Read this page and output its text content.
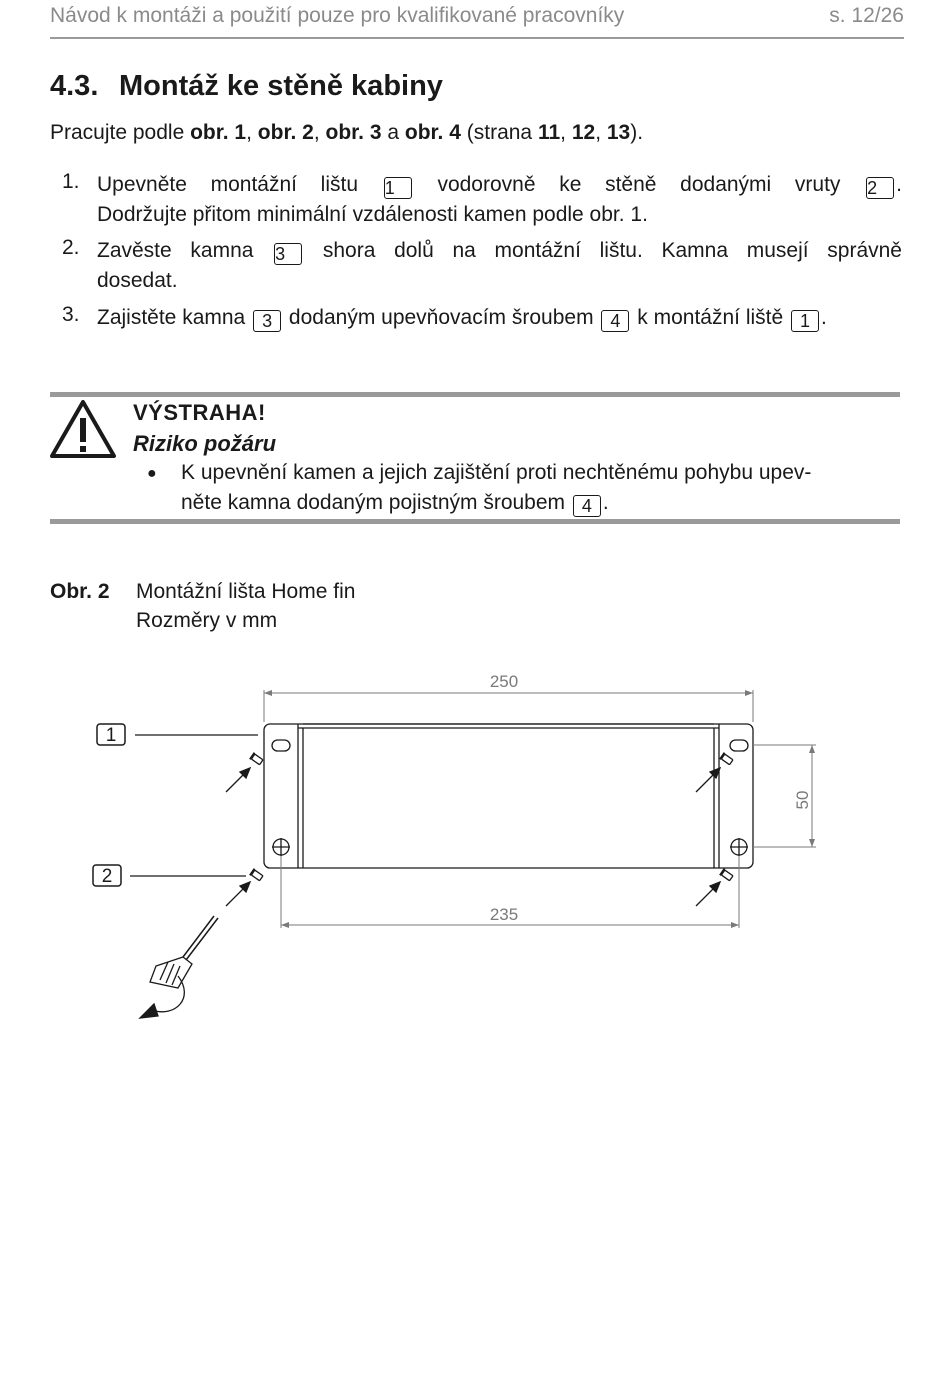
Návod k montáži a použití pouze pro kvalifikované pracovníky	s. 12/26
4.3. Montáž ke stěně kabiny
Pracujte podle obr. 1, obr. 2, obr. 3 a obr. 4 (strana 11, 12, 13).
1. Upevněte montážní lištu 1 vodorovně ke stěně dodanými vruty 2 .
Dodržujte přitom minimální vzdálenosti kamen podle obr. 1.
2. Zavěste kamna 3 shora dolů na montážní lištu. Kamna musejí správně
dosedat.
3. Zajistěte kamna 3 dodaným upevňovacím šroubem 4 k montážní liště 1 .
VÝSTRAHA!
Riziko požáru
● K upevnění kamen a jejich zajištění proti nechtěnému pohybu upev-
něte kamna dodaným pojistným šroubem 4 .
Obr. 2 Montážní lišta Home fin
Rozměry v mm
1
2
250
235
50
